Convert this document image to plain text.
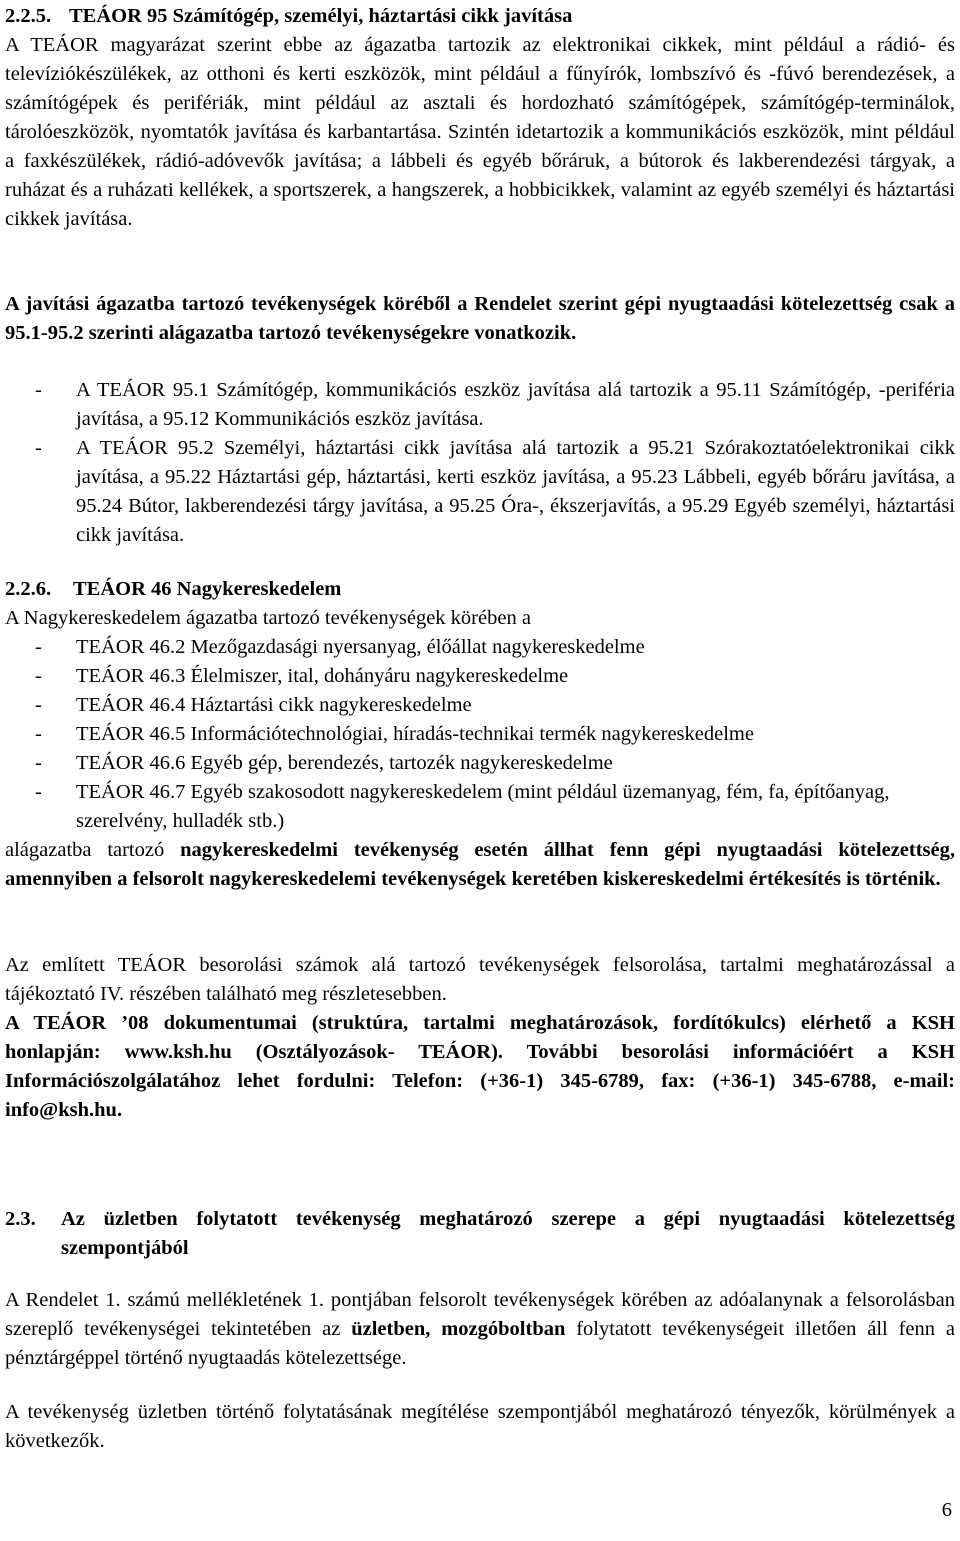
2.2.5. TEÁOR 95 Számítógép, személyi, háztartási cikk javítása

A TEÁOR magyarázat szerint ebbe az ágazatba tartozik az elektronikai cikkek, mint például a rádió- és televíziókészülékek, az otthoni és kerti eszközök, mint például a fűnyírók, lombszívó és -fúvó berendezések, a számítógépek és perifériák, mint például az asztali és hordozható számítógépek, számítógép-terminálok, tárolóeszközök, nyomtatók javítása és karbantartása. Szintén idetartozik a kommunikációs eszközök, mint például a faxkészülékek, rádió-adóvevők javítása; a lábbeli és egyéb bőráruk, a bútorok és lakberendezési tárgyak, a ruházat és a ruházati kellékek, a sportszerek, a hangszerek, a hobbicikkek, valamint az egyéb személyi és háztartási cikkek javítása.

A javítási ágazatba tartozó tevékenységek köréből a Rendelet szerint gépi nyugtaadási kötelezettség csak a 95.1-95.2 szerinti alágazatba tartozó tevékenységekre vonatkozik.

- A TEÁOR 95.1 Számítógép, kommunikációs eszköz javítása alá tartozik a 95.11 Számítógép, -periféria javítása, a 95.12 Kommunikációs eszköz javítása.
- A TEÁOR 95.2 Személyi, háztartási cikk javítása alá tartozik a 95.21 Szórakoztatóelektronikai cikk javítása, a 95.22 Háztartási gép, háztartási, kerti eszköz javítása, a 95.23 Lábbeli, egyéb bőráru javítása, a 95.24 Bútor, lakberendezési tárgy javítása, a 95.25 Óra-, ékszerjavítás, a 95.29 Egyéb személyi, háztartási cikk javítása.
2.2.6.	TEÁOR 46 Nagykereskedelem

A Nagykereskedelem ágazatba tartozó tevékenységek körében a

- TEÁOR 46.2 Mezőgazdasági nyersanyag, élőállat nagykereskedelme
- TEÁOR 46.3 Élelmiszer, ital, dohányáru nagykereskedelme
- TEÁOR 46.4 Háztartási cikk nagykereskedelme
- TEÁOR 46.5 Információtechnológiai, híradás-technikai termék nagykereskedelme
- TEÁOR 46.6 Egyéb gép, berendezés, tartozék nagykereskedelme
- TEÁOR 46.7 Egyéb szakosodott nagykereskedelem (mint például üzemanyag, fém, fa, építőanyag, szerelvény, hulladék stb.)

alágazatba tartozó nagykereskedelmi tevékenység esetén állhat fenn gépi nyugtaadási kötelezettség, amennyiben a felsorolt nagykereskedelemi tevékenységek keretében kiskereskedelmi értékesítés is történik.

Az említett TEÁOR besorolási számok alá tartozó tevékenységek felsorolása, tartalmi meghatározással a tájékoztató IV. részében található meg részletesebben.

A TEÁOR ’08 dokumentumai (struktúra, tartalmi meghatározások, fordítókulcs) elérhető a KSH honlapján: www.ksh.hu (Osztályozások- TEÁOR). További besorolási információért a KSH Információszolgálatához lehet fordulni: Telefon: (+36-1) 345-6789, fax: (+36-1) 345-6788, e-mail: info@ksh.hu.

2.3.	Az üzletben folytatott tevékenység meghatározó szerepe a gépi nyugtaadási kötelezettség szempontjából

A Rendelet 1. számú mellékletének 1. pontjában felsorolt tevékenységek körében az adóalanynak a felsorolásban szereplő tevékenységei tekintetében az üzletben, mozgóboltban folytatott tevékenységeit illetően áll fenn a pénztárgéppel történő nyugtaadás kötelezettsége.

A tevékenység üzletben történő folytatásának megítélése szempontjából meghatározó tényezők, körülmények a következők.

6
